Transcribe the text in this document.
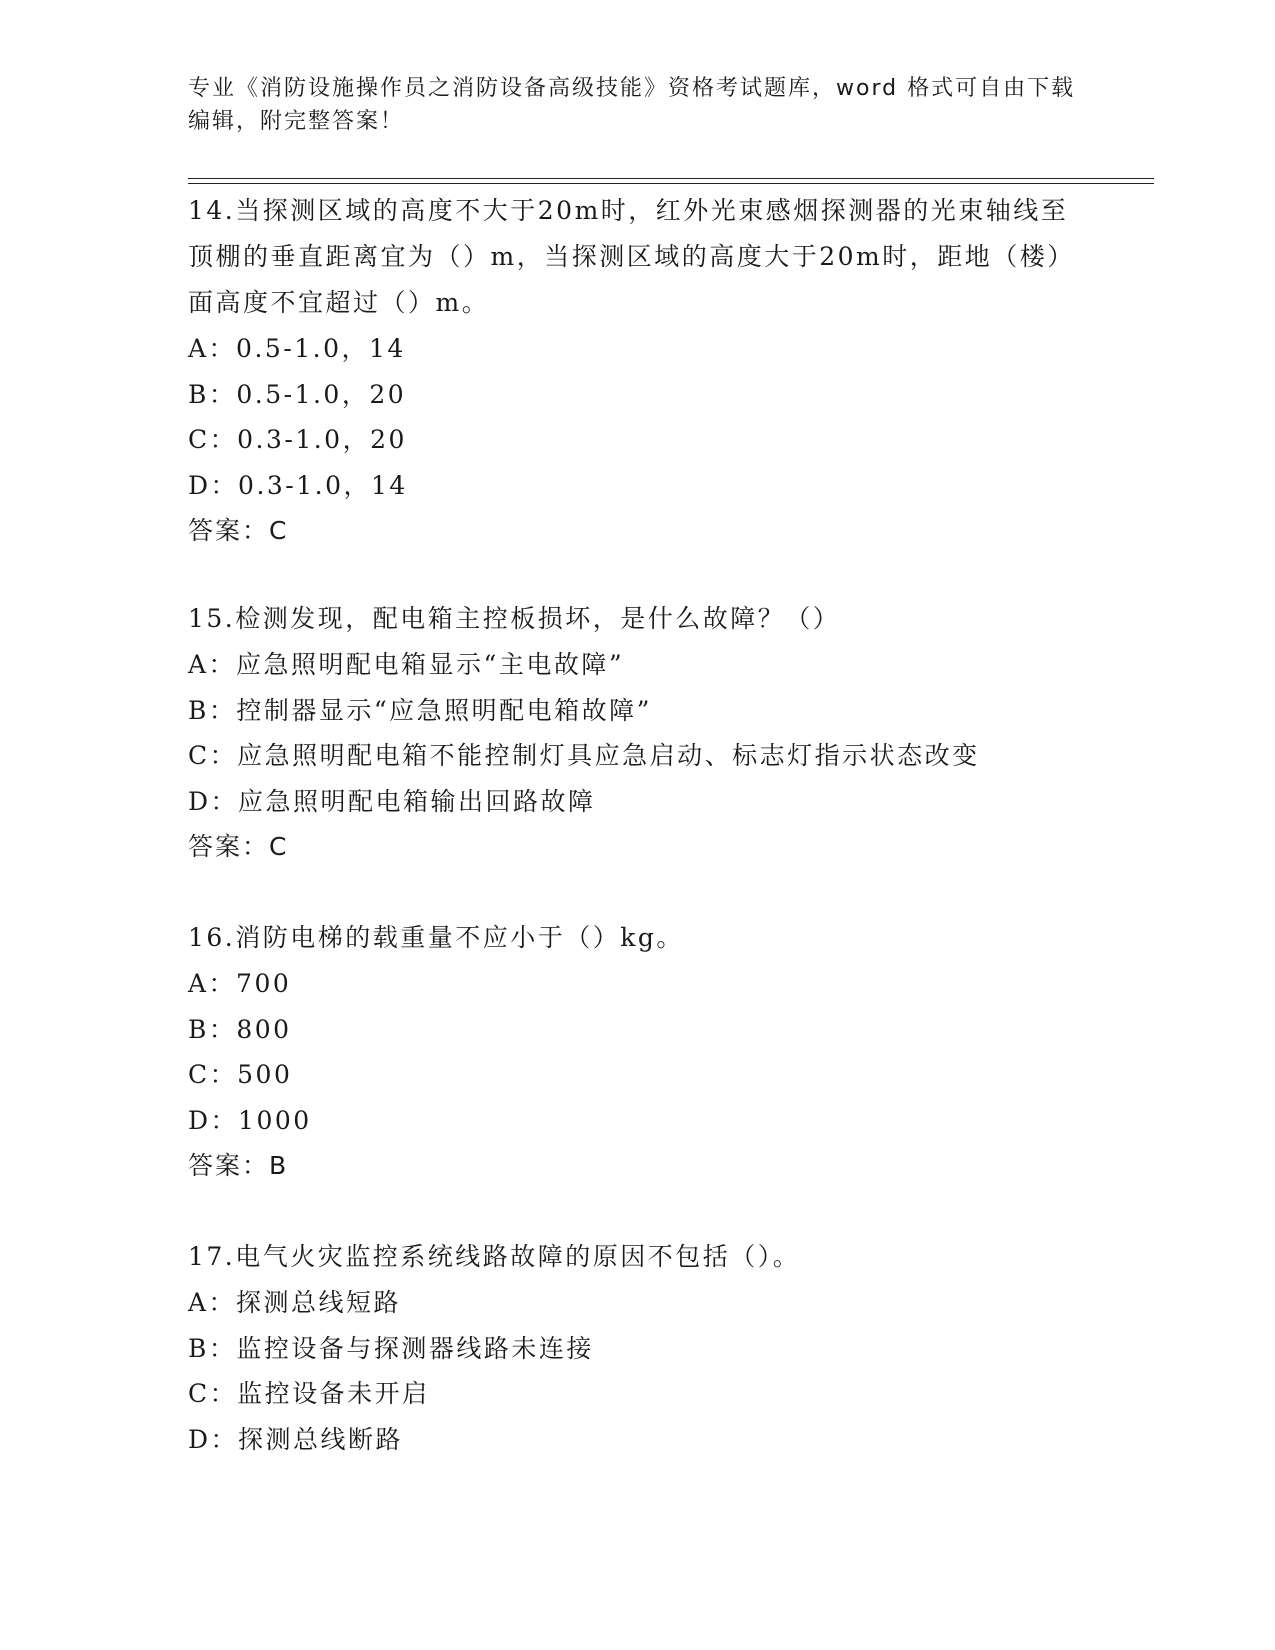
专业《消防设施操作员之消防设备高级技能》资格考试题库，word 格式可自由下载编辑，附完整答案！
14.当探测区域的高度不大于20m时，红外光束感烟探测器的光束轴线至顶棚的垂直距离宜为（）m，当探测区域的高度大于20m时，距地（楼）面高度不宜超过（）m。
A：0.5-1.0，14
B：0.5-1.0，20
C：0.3-1.0，20
D：0.3-1.0，14
答案：C
15.检测发现，配电箱主控板损坏，是什么故障？（）
A：应急照明配电箱显示“主电故障”
B：控制器显示“应急照明配电箱故障”
C：应急照明配电箱不能控制灯具应急启动、标志灯指示状态改变
D：应急照明配电箱输出回路故障
答案：C
16.消防电梯的载重量不应小于（）kg。
A：700
B：800
C：500
D：1000
答案：B
17.电气火灾监控系统线路故障的原因不包括（）。
A：探测总线短路
B：监控设备与探测器线路未连接
C：监控设备未开启
D：探测总线断路
